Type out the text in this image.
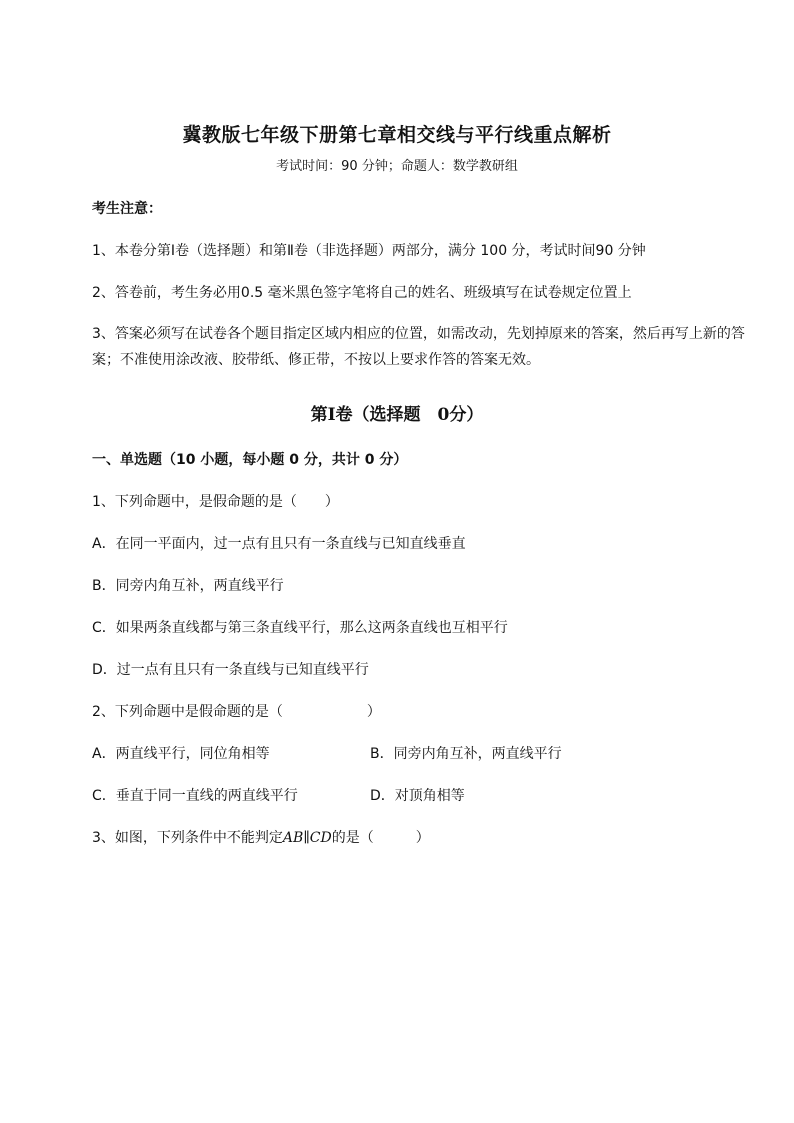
冀教版七年级下册第七章相交线与平行线重点解析
考试时间：90 分钟；命题人：数学教研组
考生注意：
1、本卷分第Ⅰ卷（选择题）和第Ⅱ卷（非选择题）两部分，满分 100 分，考试时间90 分钟
2、答卷前，考生务必用0.5 毫米黑色签字笔将自己的姓名、班级填写在试卷规定位置上
3、答案必须写在试卷各个题目指定区域内相应的位置，如需改动，先划掉原来的答案，然后再写上新的答案；不准使用涂改液、胶带纸、修正带，不按以上要求作答的答案无效。
第Ⅰ卷（选择题　0分）
一、单选题（10 小题，每小题 0 分，共计 0 分）
1、下列命题中，是假命题的是（　　）
A．在同一平面内，过一点有且只有一条直线与已知直线垂直
B．同旁内角互补，两直线平行
C．如果两条直线都与第三条直线平行，那么这两条直线也互相平行
D．过一点有且只有一条直线与已知直线平行
2、下列命题中是假命题的是（　　　　　　）
A．两直线平行，同位角相等	B．同旁内角互补，两直线平行
C．垂直于同一直线的两直线平行	D．对顶角相等
3、如图，下列条件中不能判定AB∥CD的是（　　　）
